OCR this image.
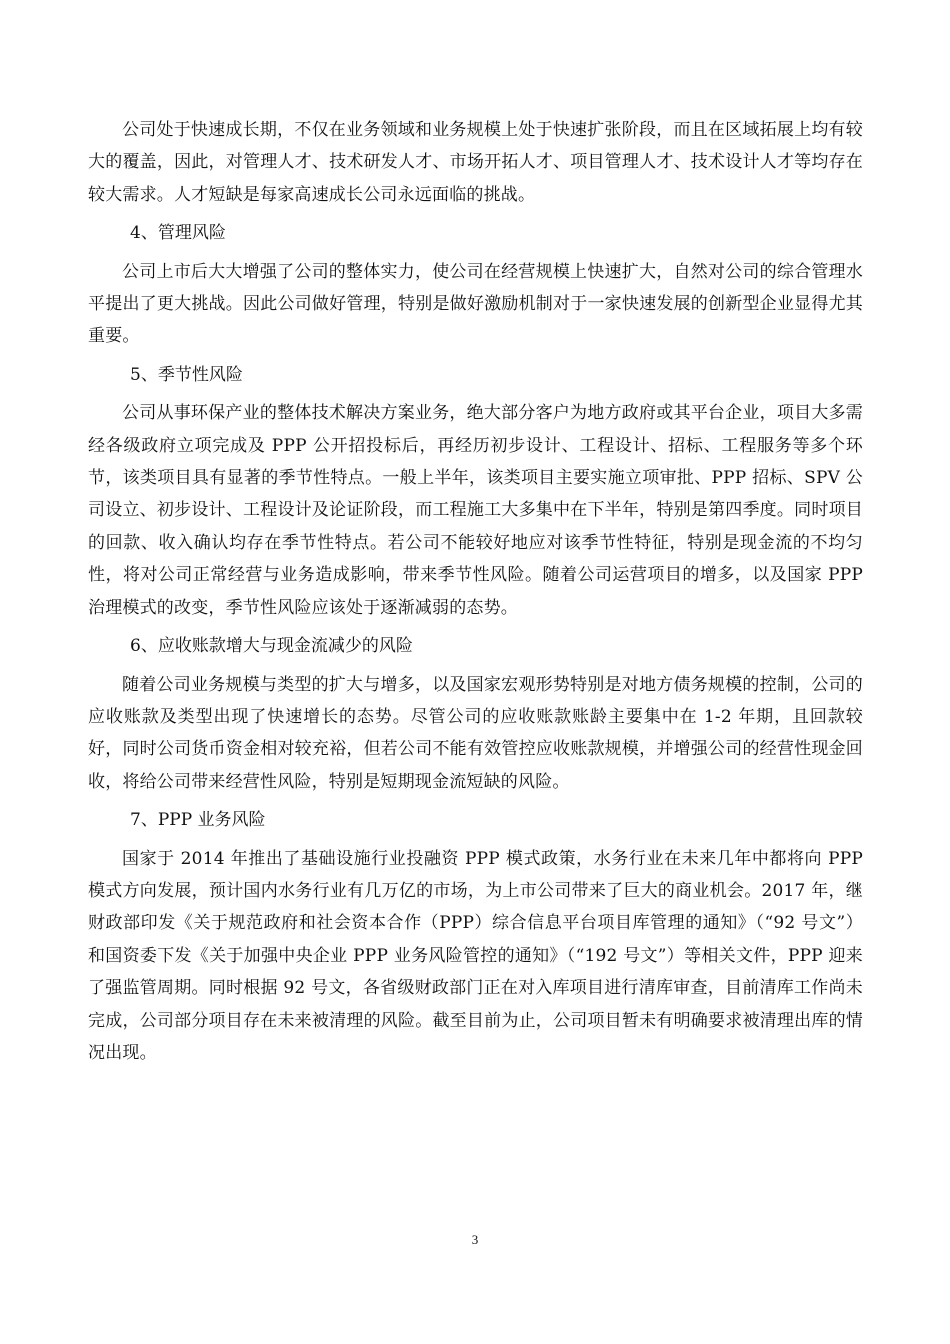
公司处于快速成长期，不仅在业务领域和业务规模上处于快速扩张阶段，而且在区域拓展上均有较大的覆盖，因此，对管理人才、技术研发人才、市场开拓人才、项目管理人才、技术设计人才等均存在较大需求。人才短缺是每家高速成长公司永远面临的挑战。

4、管理风险

公司上市后大大增强了公司的整体实力，使公司在经营规模上快速扩大，自然对公司的综合管理水平提出了更大挑战。因此公司做好管理，特别是做好激励机制对于一家快速发展的创新型企业显得尤其重要。

5、季节性风险

公司从事环保产业的整体技术解决方案业务，绝大部分客户为地方政府或其平台企业，项目大多需经各级政府立项完成及 PPP 公开招投标后，再经历初步设计、工程设计、招标、工程服务等多个环节，该类项目具有显著的季节性特点。一般上半年，该类项目主要实施立项审批、PPP 招标、SPV 公司设立、初步设计、工程设计及论证阶段，而工程施工大多集中在下半年，特别是第四季度。同时项目的回款、收入确认均存在季节性特点。若公司不能较好地应对该季节性特征，特别是现金流的不均匀性，将对公司正常经营与业务造成影响，带来季节性风险。随着公司运营项目的增多，以及国家 PPP 治理模式的改变，季节性风险应该处于逐渐减弱的态势。

6、应收账款增大与现金流减少的风险

随着公司业务规模与类型的扩大与增多，以及国家宏观形势特别是对地方债务规模的控制，公司的应收账款及类型出现了快速增长的态势。尽管公司的应收账款账龄主要集中在 1-2 年期，且回款较好，同时公司货币资金相对较充裕，但若公司不能有效管控应收账款规模，并增强公司的经营性现金回收，将给公司带来经营性风险，特别是短期现金流短缺的风险。

7、PPP 业务风险

国家于 2014 年推出了基础设施行业投融资 PPP 模式政策，水务行业在未来几年中都将向 PPP 模式方向发展，预计国内水务行业有几万亿的市场，为上市公司带来了巨大的商业机会。2017 年，继财政部印发《关于规范政府和社会资本合作（PPP）综合信息平台项目库管理的通知》（“92 号文”）和国资委下发《关于加强中央企业 PPP 业务风险管控的通知》（“192 号文”）等相关文件，PPP 迎来了强监管周期。同时根据 92 号文，各省级财政部门正在对入库项目进行清库审查，目前清库工作尚未完成，公司部分项目存在未来被清理的风险。截至目前为止，公司项目暂未有明确要求被清理出库的情况出现。

3
